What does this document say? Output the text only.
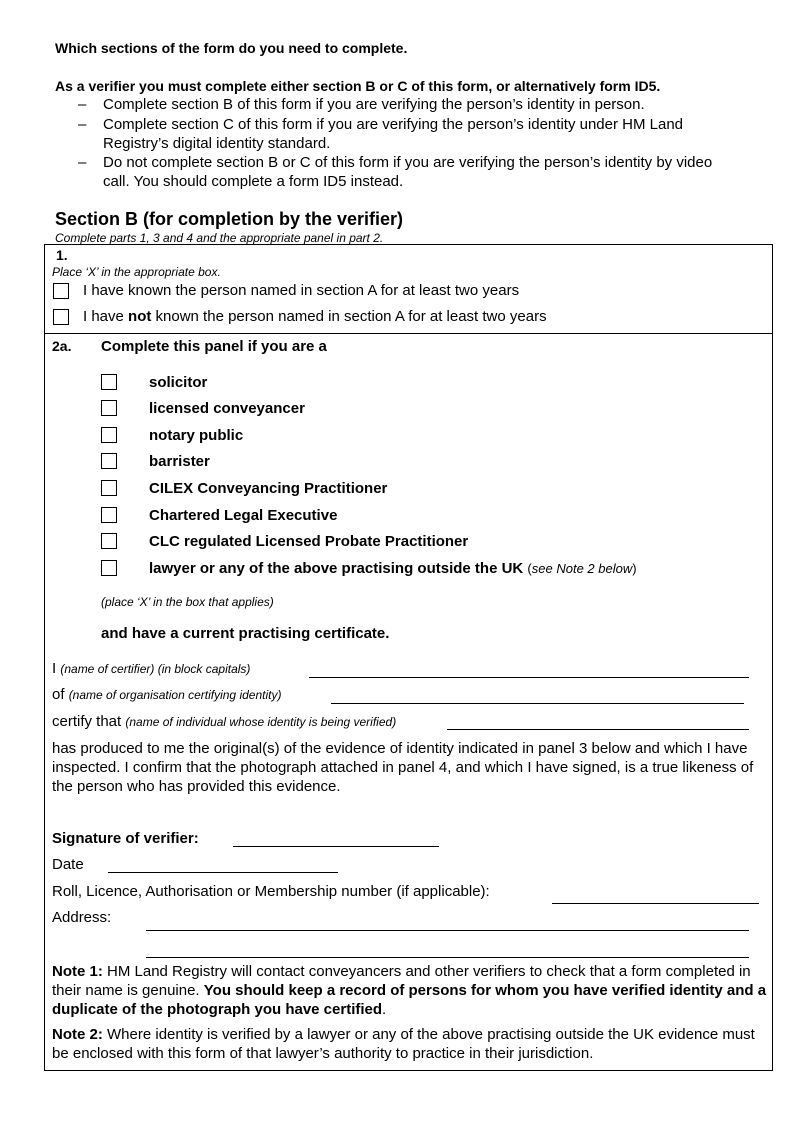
Which sections of the form do you need to complete.
As a verifier you must complete either section B or C of this form, or alternatively form ID5.
– Complete section B of this form if you are verifying the person’s identity in person.
– Complete section C of this form if you are verifying the person’s identity under HM Land
Registry’s digital identity standard.
– Do not complete section B or C of this form if you are verifying the person’s identity by video
call. You should complete a form ID5 instead.
Section B (for completion by the verifier)
Complete parts 1, 3 and 4 and the appropriate panel in part 2.
1.
Place ‘X’ in the appropriate box.
I have known the person named in section A for at least two years
I have not known the person named in section A for at least two years
2a. Complete this panel if you are a
solicitor
licensed conveyancer
notary public
barrister
CILEX Conveyancing Practitioner
Chartered Legal Executive
CLC regulated Licensed Probate Practitioner
lawyer or any of the above practising outside the UK (see Note 2 below)
(place ‘X’ in the box that applies)
and have a current practising certificate.
I (name of certifier) (in block capitals)
of (name of organisation certifying identity)
certify that (name of individual whose identity is being verified)
has produced to me the original(s) of the evidence of identity indicated in panel 3 below and which I have inspected. I confirm that the photograph attached in panel 4, and which I have signed, is a true likeness of the person who has provided this evidence.
Signature of verifier:
Date
Roll, Licence, Authorisation or Membership number (if applicable):
Address:
Note 1: HM Land Registry will contact conveyancers and other verifiers to check that a form completed in their name is genuine. You should keep a record of persons for whom you have verified identity and a duplicate of the photograph you have certified.
Note 2: Where identity is verified by a lawyer or any of the above practising outside the UK evidence must be enclosed with this form of that lawyer’s authority to practice in their jurisdiction.
